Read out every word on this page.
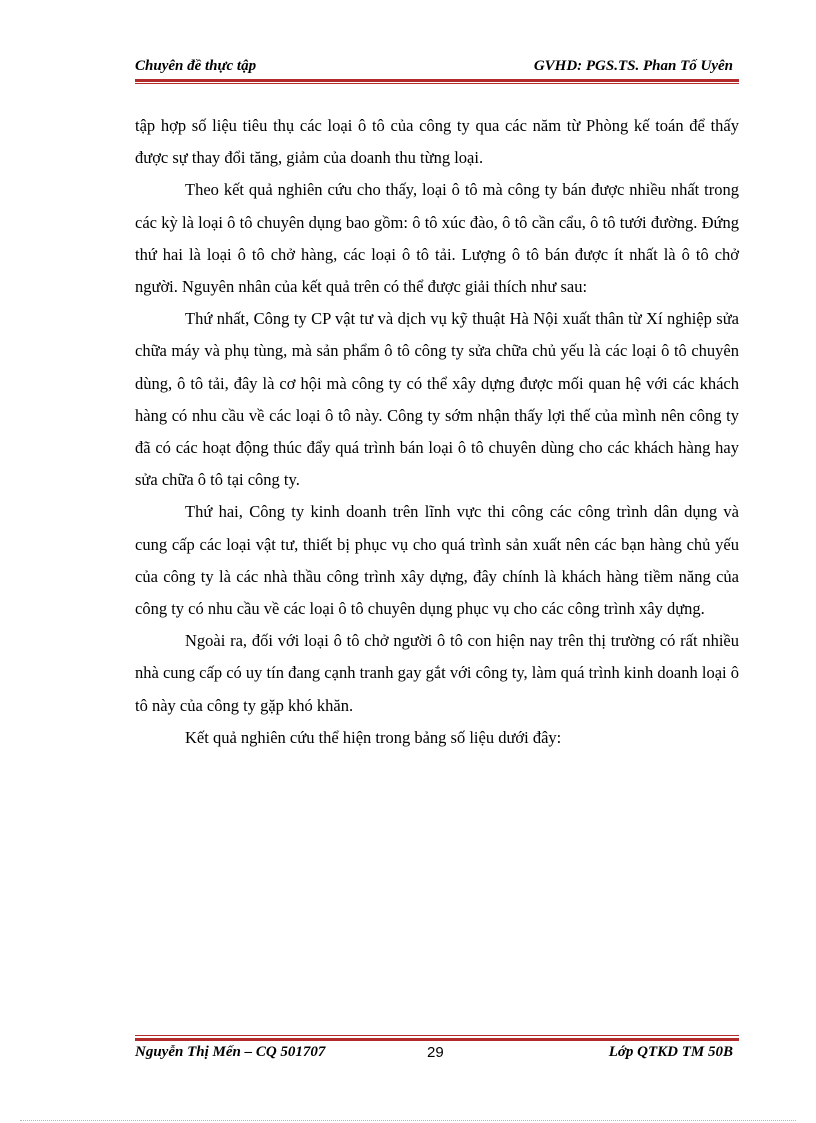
Chuyên đề thực tập	GVHD: PGS.TS. Phan Tố Uyên

tập hợp số liệu tiêu thụ các loại ô tô của công ty qua các năm từ Phòng kế toán để thấy được sự thay đổi tăng, giảm của doanh thu từng loại.

Theo kết quả nghiên cứu cho thấy, loại ô tô mà công ty bán được nhiều nhất trong các kỳ là loại ô tô chuyên dụng bao gồm: ô tô xúc đào, ô tô cần cẩu, ô tô tưới đường. Đứng thứ hai là loại ô tô chở hàng, các loại ô tô tải. Lượng ô tô bán được ít nhất là ô tô chở người. Nguyên nhân của kết quả trên có thể được giải thích như sau:

Thứ nhất, Công ty CP vật tư và dịch vụ kỹ thuật Hà Nội xuất thân từ Xí nghiệp sửa chữa máy và phụ tùng, mà sản phẩm ô tô công ty sửa chữa chủ yếu là các loại ô tô chuyên dùng, ô tô tải, đây là cơ hội mà công ty có thể xây dựng được mối quan hệ với các khách hàng có nhu cầu về các loại ô tô này. Công ty sớm nhận thấy lợi thế của mình nên công ty đã có các hoạt động thúc đẩy quá trình bán loại ô tô chuyên dùng cho các khách hàng hay sửa chữa ô tô tại công ty.

Thứ hai, Công ty kinh doanh trên lĩnh vực thi công các công trình dân dụng và cung cấp các loại vật tư, thiết bị phục vụ cho quá trình sản xuất nên các bạn hàng chủ yếu của công ty là các nhà thầu công trình xây dựng, đây chính là khách hàng tiềm năng của công ty có nhu cầu về các loại ô tô chuyên dụng phục vụ cho các công trình xây dựng.

Ngoài ra, đối với loại ô tô chở người ô tô con hiện nay trên thị trường có rất nhiều nhà cung cấp có uy tín đang cạnh tranh gay gắt với công ty, làm quá trình kinh doanh loại ô tô này của công ty gặp khó khăn.

Kết quả nghiên cứu thể hiện trong bảng số liệu dưới đây:

Nguyễn Thị Mến – CQ 501707	29	Lớp QTKD TM 50B
